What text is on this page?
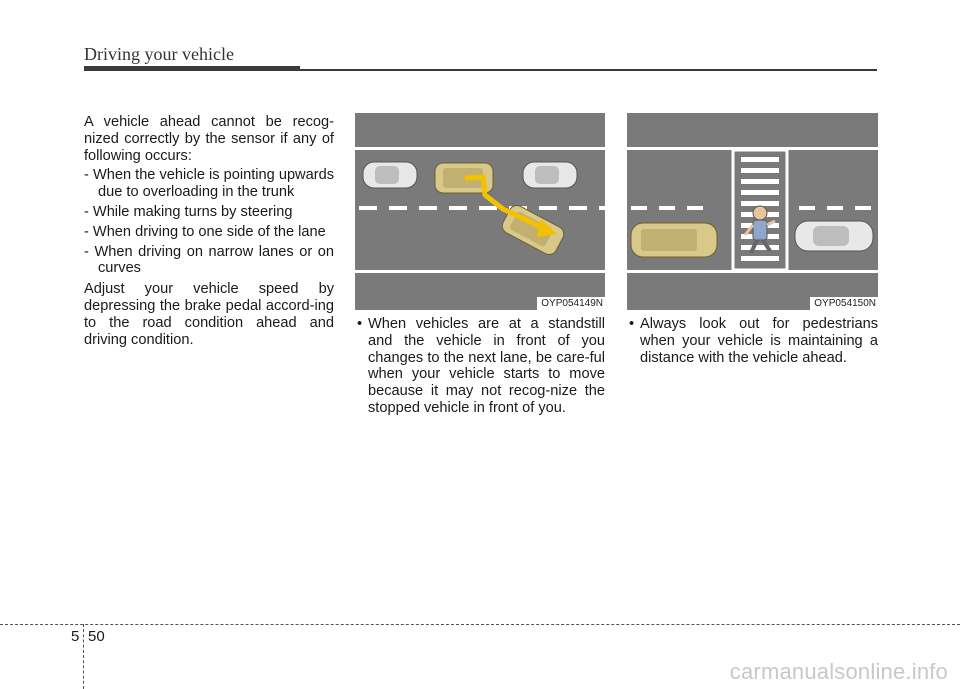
Driving your vehicle

A vehicle ahead cannot be recog-nized correctly by the sensor if any of following occurs:

- When the vehicle is pointing upwards due to overloading in the trunk
- While making turns by steering
- When driving to one side of the lane
- When driving on narrow lanes or on curves

Adjust your vehicle speed by depressing the brake pedal accord-ing to the road condition ahead and driving condition.

OYP054149N	OYP054150N
• When vehicles are at a standstill and the vehicle in front of you changes to the next lane, be care-ful when your vehicle starts to move because it may not recog-nize the stopped vehicle in front of you.
• Always look out for pedestrians when your vehicle is maintaining a distance with the vehicle ahead.
5 50
carmanualsonline.info
